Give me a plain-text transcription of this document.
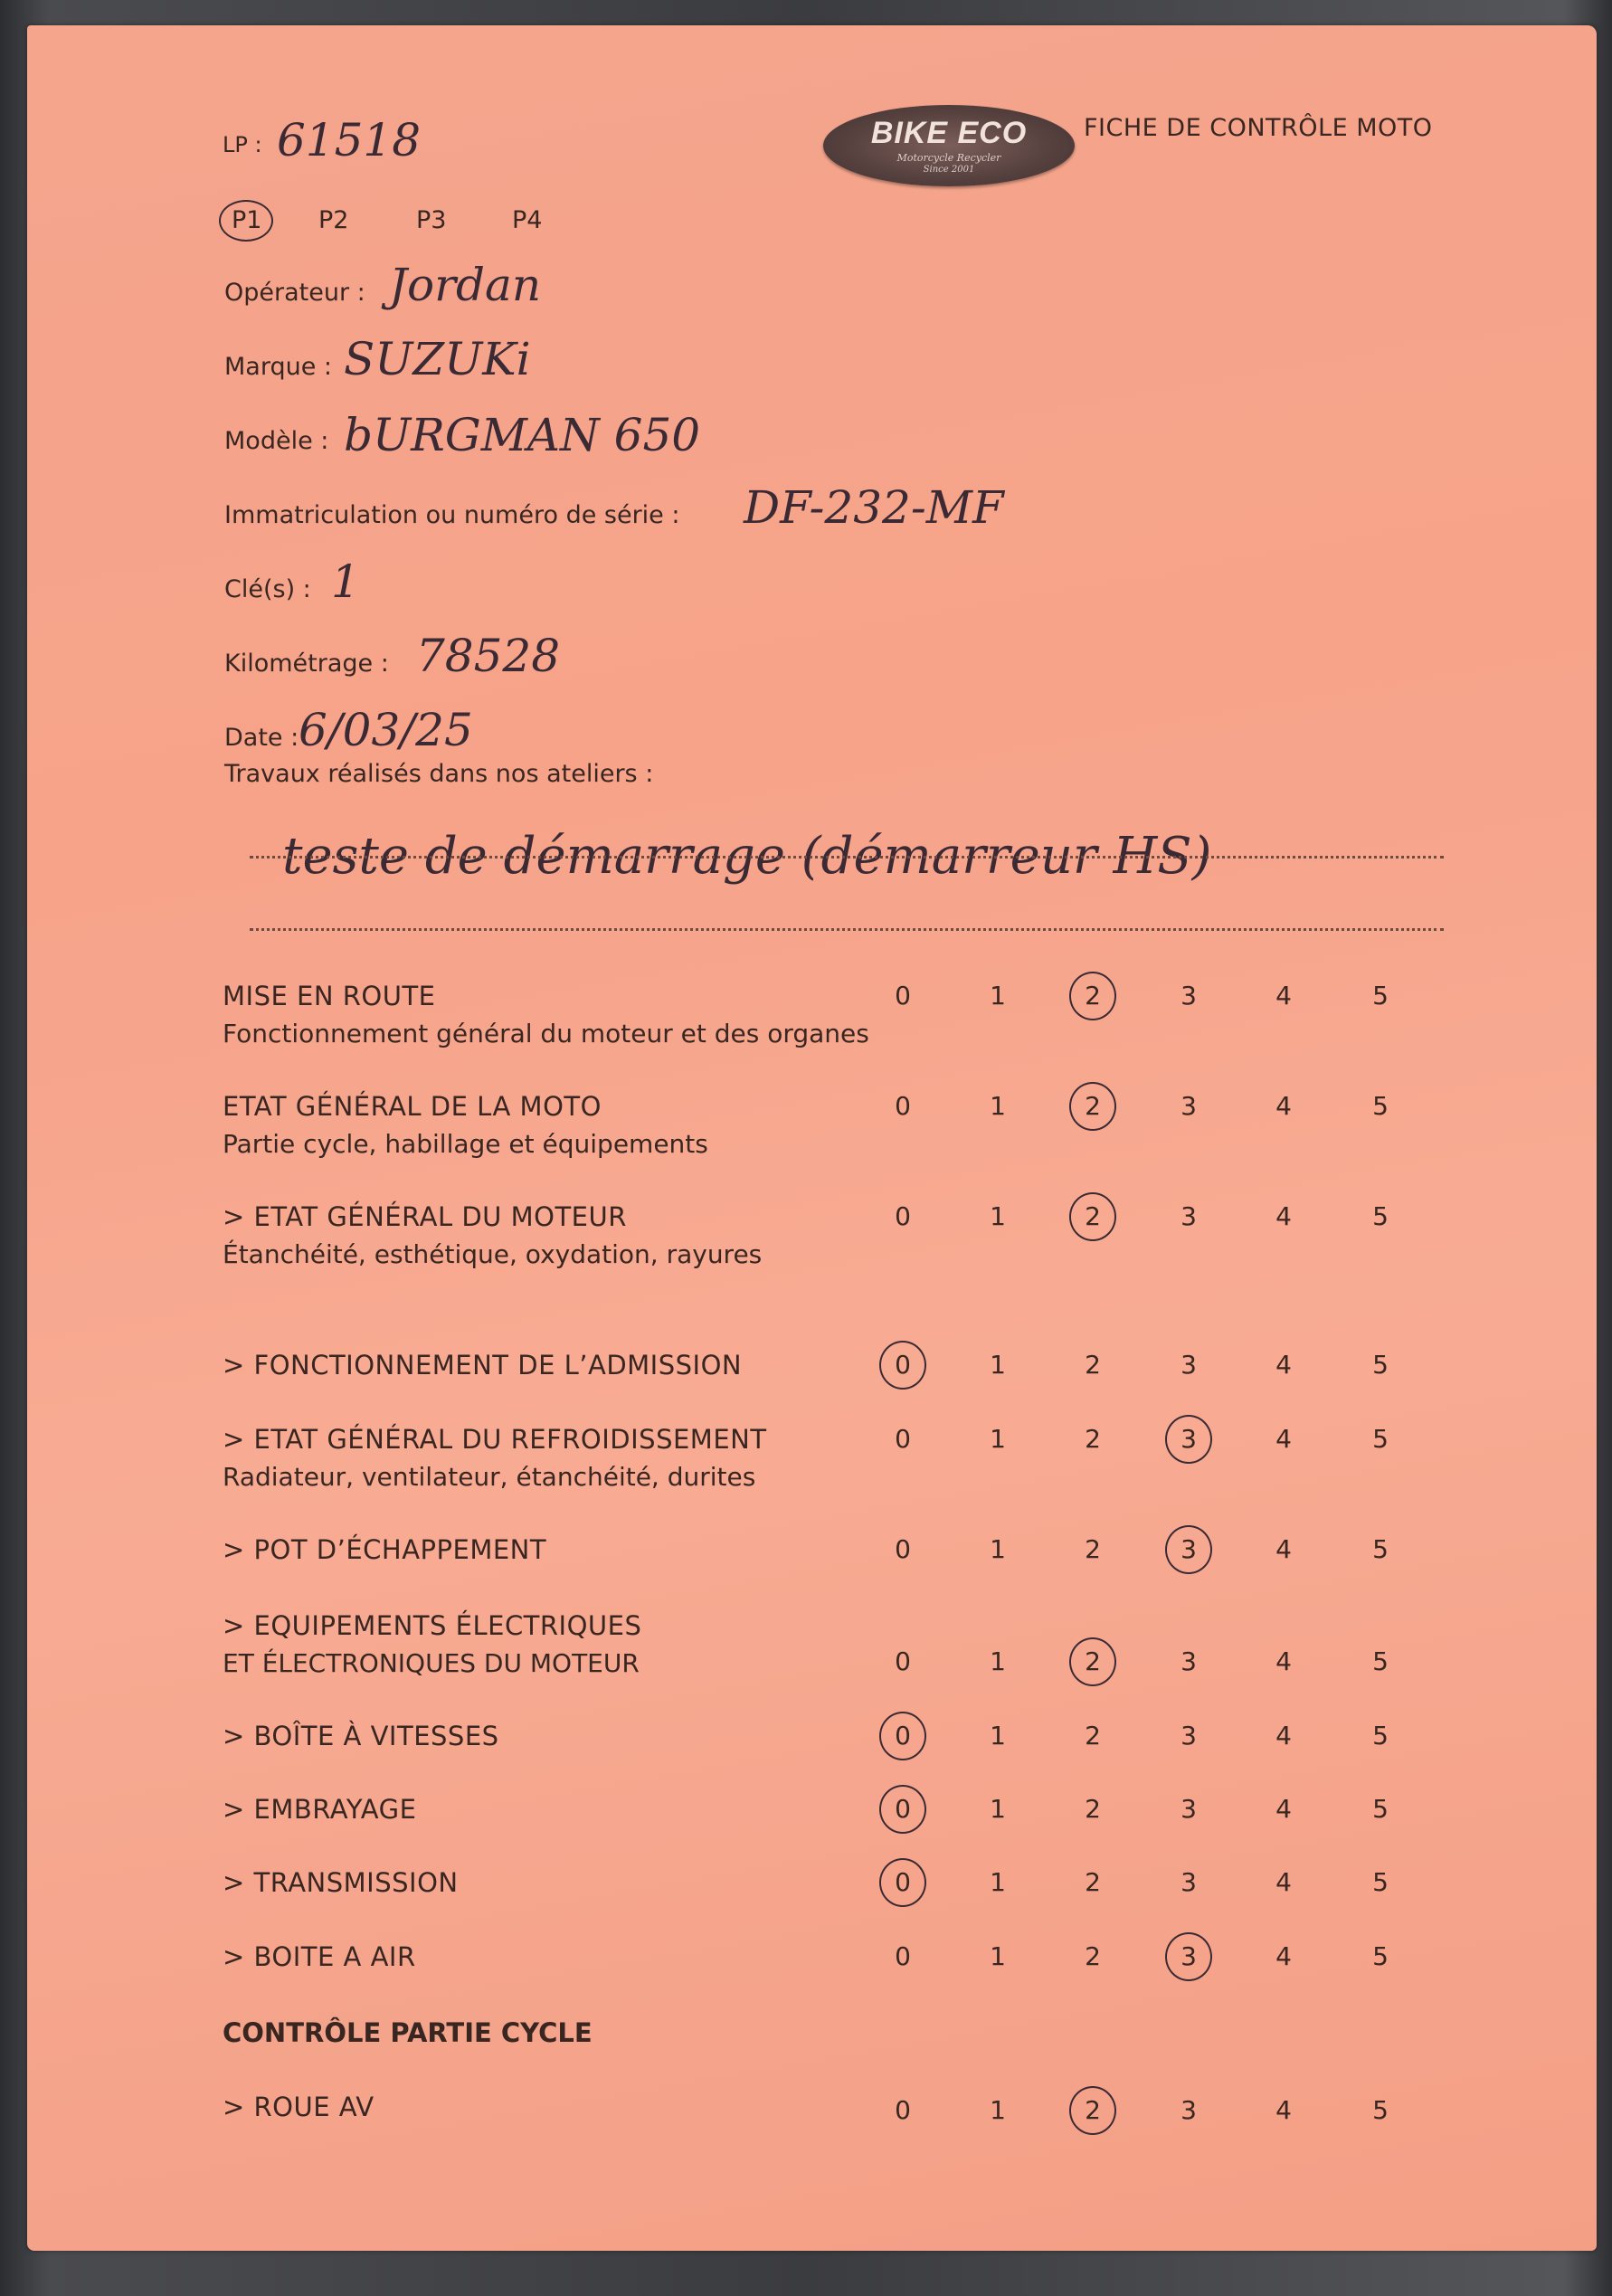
BIKE ECO
Motorcycle Recycler
Since 2001
FICHE DE CONTRÔLE MOTO
LP : 61518
P1 P2	P3	P4
Opérateur : Jordan
Marque : SUZUKi
Modèle : bURGMAN 650
Immatriculation ou numéro de série : DF-232-MF
Clé(s) : 1
Kilométrage : 78528
Date : 6/03/25
Travaux réalisés dans nos ateliers :
teste de démarrage (démarreur HS)
MISE EN ROUTE
Fonctionnement général du moteur et des organes
0	1	2	3	4	5
ETAT GÉNÉRAL DE LA MOTO
Partie cycle, habillage et équipements
0	1	2	3	4	5
> ETAT GÉNÉRAL DU MOTEUR
Étanchéité, esthétique, oxydation, rayures
0	1	2	3	4	5
> FONCTIONNEMENT DE L’ADMISSION	0	1	2	3	4	5
> ETAT GÉNÉRAL DU REFROIDISSEMENT
Radiateur, ventilateur, étanchéité, durites
0	1	2	3	4	5
> POT D’ÉCHAPPEMENT	0	1	2	3	4	5
> EQUIPEMENTS ÉLECTRIQUES
ET ÉLECTRONIQUES DU MOTEUR	0	1	2	3	4	5
> BOÎTE À VITESSES	0	1	2	3	4	5
> EMBRAYAGE	0	1	2	3	4	5
> TRANSMISSION	0	1	2	3	4	5
> BOITE A AIR	0	1	2	3	4	5
CONTRÔLE PARTIE CYCLE
> ROUE AV	0	1	2	3	4	5
